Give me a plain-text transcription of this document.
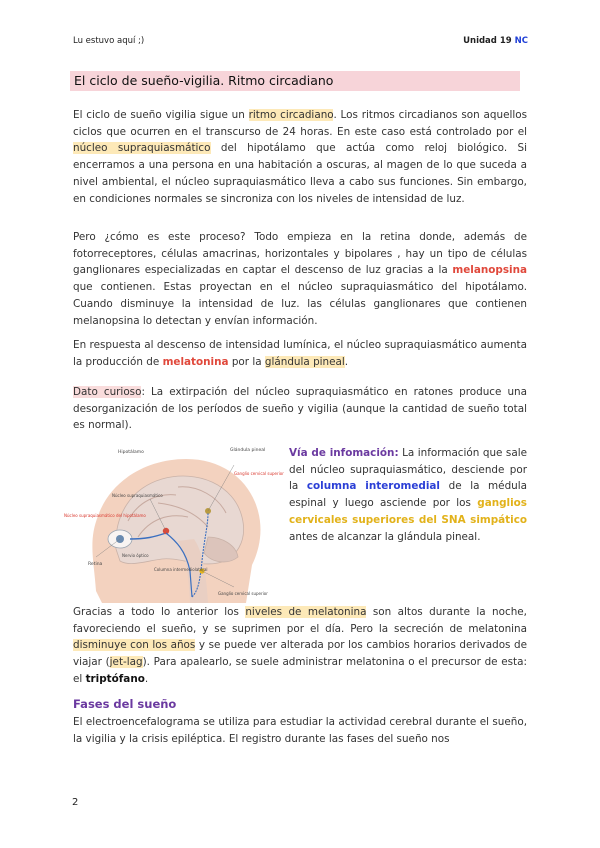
Lu estuvo aquí ;)	Unidad 19 NC
El ciclo de sueño-vigilia. Ritmo circadiano
El ciclo de sueño vigilia sigue un ritmo circadiano. Los ritmos circadianos son aquellos ciclos que ocurren en el transcurso de 24 horas. En este caso está controlado por el núcleo supraquiasmático del hipotálamo que actúa como reloj biológico. Si encerramos a una persona en una habitación a oscuras, al magen de lo que suceda a nivel ambiental, el núcleo supraquiasmático lleva a cabo sus funciones. Sin embargo, en condiciones normales se sincroniza con los niveles de intensidad de luz.
Pero ¿cómo es este proceso? Todo empieza en la retina donde, además de fotorreceptores, células amacrinas, horizontales y bipolares , hay un tipo de células ganglionares especializadas en captar el descenso de luz gracias a la melanopsina que contienen. Estas proyectan en el núcleo supraquiasmático del hipotálamo. Cuando disminuye la intensidad de luz. las células ganglionares que contienen melanopsina lo detectan y envían información.
En respuesta al descenso de intensidad lumínica, el núcleo supraquiasmático aumenta la producción de melatonina por la glándula pineal.
Dato curioso: La extirpación del núcleo supraquiasmático en ratones produce una desorganización de los períodos de sueño y vigilia (aunque la cantidad de sueño total es normal).
Hipotálamo	Glándula pineal
Núcleo supraquiasmático
Retina
Nervio óptico
Columna intermediolateral
Ganglio cervical superior
Núcleo supraquiasmático del hipotálamo
Ganglio cervical superior
Vía de infomación: La información que sale del núcleo supraquiasmático, desciende por la columna interomedial de la médula espinal y luego asciende por los ganglios cervicales superiores del SNA simpático antes de alcanzar la glándula pineal.
Gracias a todo lo anterior los niveles de melatonina son altos durante la noche, favoreciendo el sueño, y se suprimen por el día. Pero la secreción de melatonina disminuye con los años y se puede ver alterada por los cambios horarios derivados de viajar (jet-lag). Para apalearlo, se suele administrar melatonina o el precursor de esta: el triptófano.
Fases del sueño
El electroencefalograma se utiliza para estudiar la actividad cerebral durante el sueño, la vigilia y la crisis epiléptica. El registro durante las fases del sueño nos
2
